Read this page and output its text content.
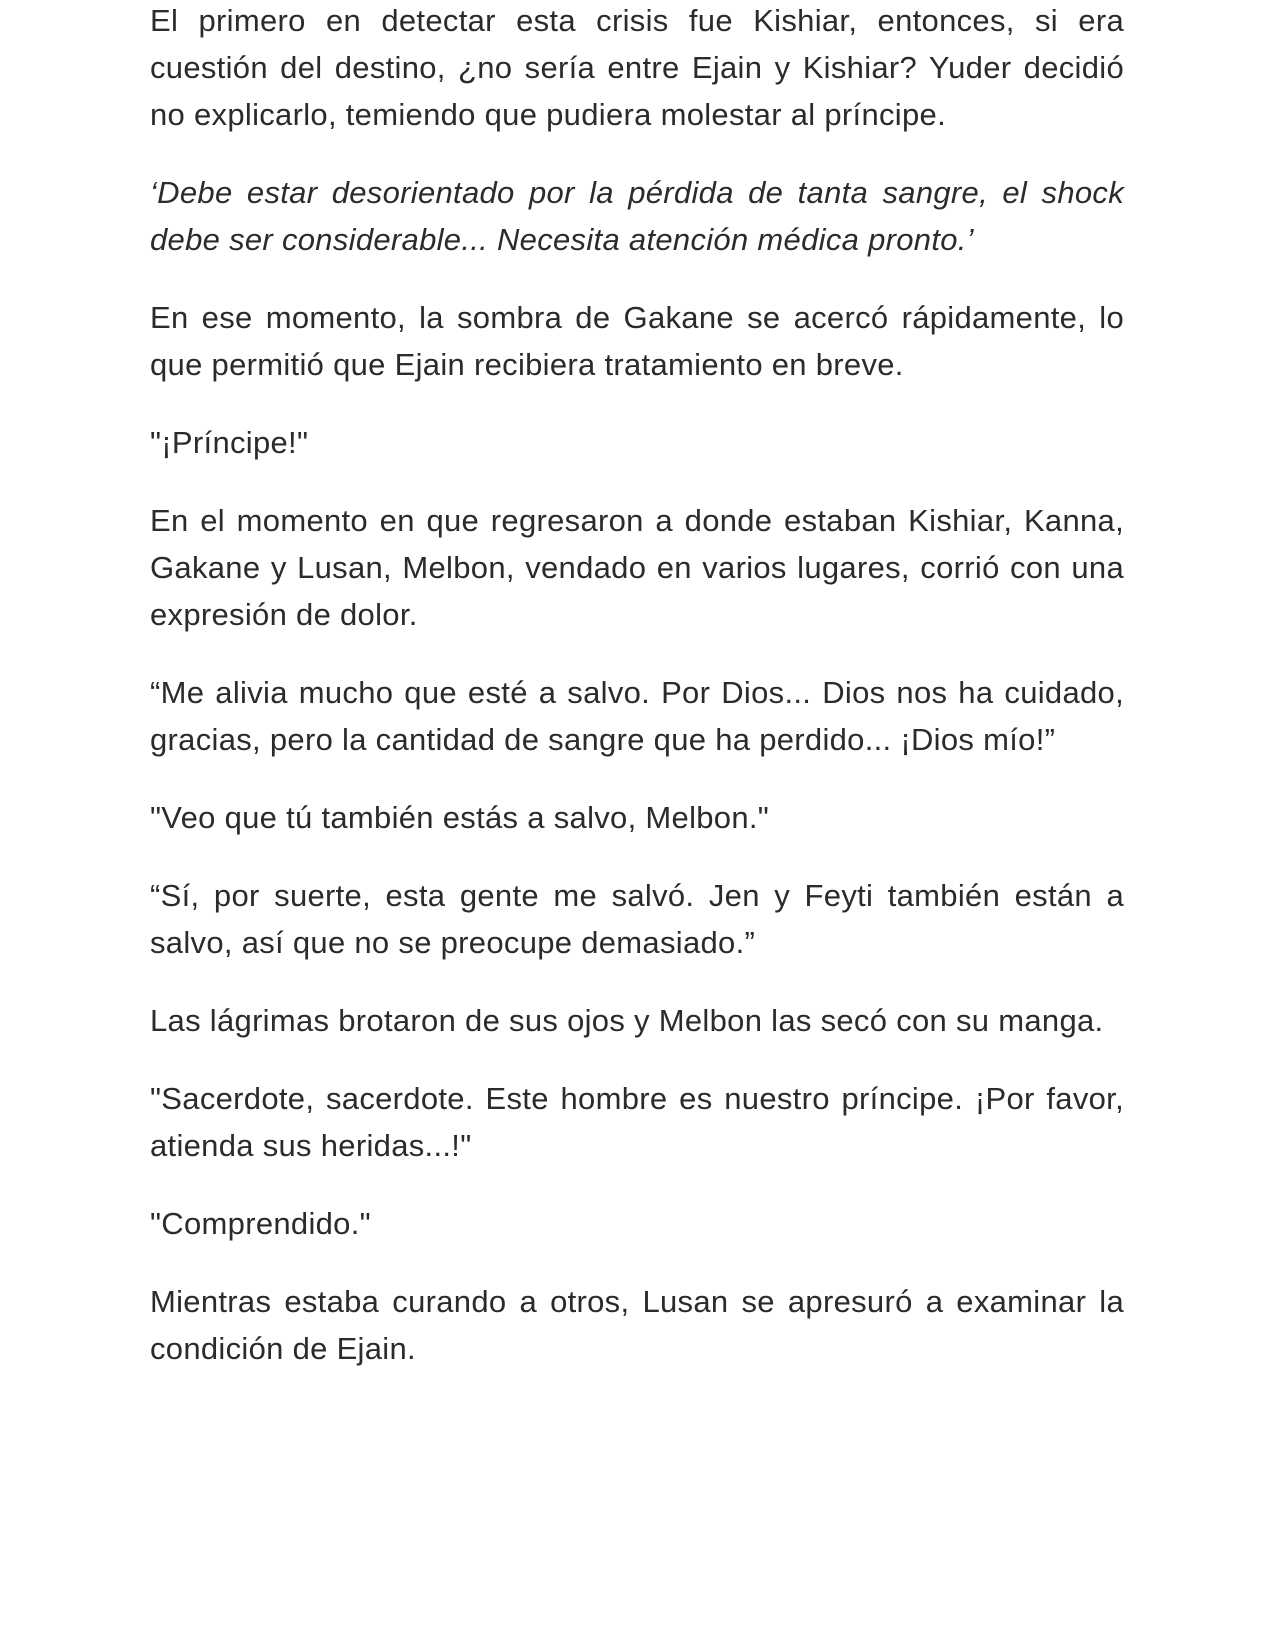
El primero en detectar esta crisis fue Kishiar, entonces, si era cuestión del destino, ¿no sería entre Ejain y Kishiar? Yuder decidió no explicarlo, temiendo que pudiera molestar al príncipe.

‘Debe estar desorientado por la pérdida de tanta sangre, el shock debe ser considerable... Necesita atención médica pronto.’

En ese momento, la sombra de Gakane se acercó rápidamente, lo que permitió que Ejain recibiera tratamiento en breve.

"¡Príncipe!"

En el momento en que regresaron a donde estaban Kishiar, Kanna, Gakane y Lusan, Melbon, vendado en varios lugares, corrió con una expresión de dolor.

“Me alivia mucho que esté a salvo. Por Dios... Dios nos ha cuidado, gracias, pero la cantidad de sangre que ha perdido... ¡Dios mío!”

"Veo que tú también estás a salvo, Melbon."

“Sí, por suerte, esta gente me salvó. Jen y Feyti también están a salvo, así que no se preocupe demasiado.”

Las lágrimas brotaron de sus ojos y Melbon las secó con su manga.

"Sacerdote, sacerdote. Este hombre es nuestro príncipe. ¡Por favor, atienda sus heridas...!"

"Comprendido."

Mientras estaba curando a otros, Lusan se apresuró a examinar la condición de Ejain.
